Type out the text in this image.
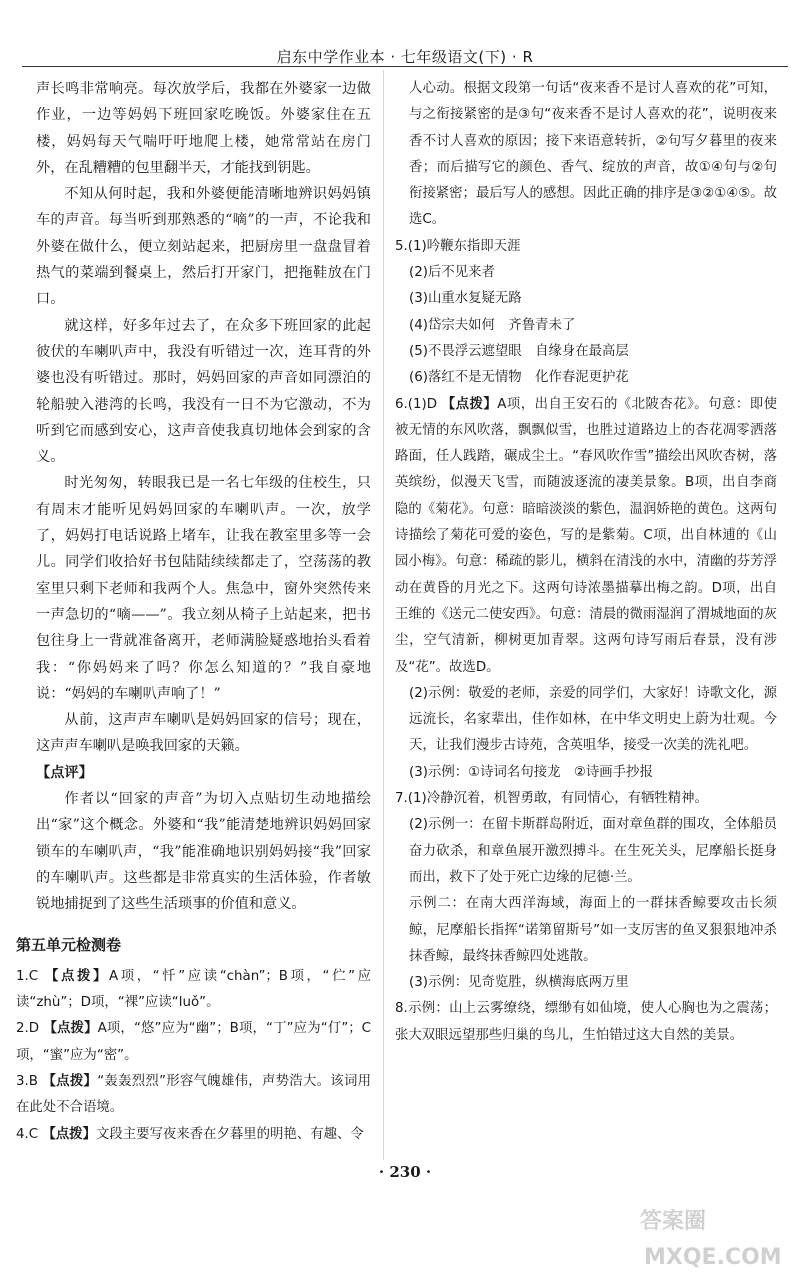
启东中学作业本 · 七年级语文(下) · R

声长鸣非常响亮。每次放学后，我都在外婆家一边做作业，一边等妈妈下班回家吃晚饭。外婆家住在五楼，妈妈每天气喘吁吁地爬上楼，她常常站在房门外，在乱糟糟的包里翻半天，才能找到钥匙。

不知从何时起，我和外婆便能清晰地辨识妈妈镇车的声音。每当听到那熟悉的“嘀”的一声，不论我和外婆在做什么，便立刻站起来，把厨房里一盘盘冒着热气的菜端到餐桌上，然后打开家门，把拖鞋放在门口。

就这样，好多年过去了，在众多下班回家的此起彼伏的车喇叭声中，我没有听错过一次，连耳背的外婆也没有听错过。那时，妈妈回家的声音如同漂泊的轮船驶入港湾的长鸣，我没有一日不为它激动，不为听到它而感到安心，这声音使我真切地体会到家的含义。

时光匆匆，转眼我已是一名七年级的住校生，只有周末才能听见妈妈回家的车喇叭声。一次，放学了，妈妈打电话说路上堵车，让我在教室里多等一会儿。同学们收拾好书包陆陆续续都走了，空荡荡的教室里只剩下老师和我两个人。焦急中，窗外突然传来一声急切的“嘀——”。我立刻从椅子上站起来，把书包往身上一背就准备离开，老师满脸疑惑地抬头看着我：“你妈妈来了吗？你怎么知道的？”我自豪地说：“妈妈的车喇叭声响了！”

从前，这声声车喇叭是妈妈回家的信号；现在，这声声车喇叭是唤我回家的天籁。

【点评】

作者以“回家的声音”为切入点贴切生动地描绘出“家”这个概念。外婆和“我”能清楚地辨识妈妈回家锁车的车喇叭声，“我”能准确地识别妈妈接“我”回家的车喇叭声。这些都是非常真实的生活体验，作者敏锐地捕捉到了这些生活琐事的价值和意义。

第五单元检测卷
1.C 【点拨】A项，“忏”应读“chàn”；B项，“伫”应读“zhù”；D项，“裸”应读“luǒ”。
2.D 【点拨】A项，“悠”应为“幽”；B项，“丁”应为“仃”；C项，“蜜”应为“密”。
3.B 【点拨】“轰轰烈烈”形容气魄雄伟，声势浩大。该词用在此处不合语境。
4.C 【点拨】文段主要写夜来香在夕暮里的明艳、有趣、令

人心动。根据文段第一句话“夜来香不是讨人喜欢的花”可知，与之衔接紧密的是③句“夜来香不是讨人喜欢的花”，说明夜来香不讨人喜欢的原因；接下来语意转折，②句写夕暮里的夜来香；而后描写它的颜色、香气、绽放的声音，故①④句与②句衔接紧密；最后写人的感想。因此正确的排序是③②①④⑤。故选C。

5.(1)吟鞭东指即天涯

(2)后不见来者

(3)山重水复疑无路

(4)岱宗夫如何　齐鲁青未了

(5)不畏浮云遮望眼　自缘身在最高层

(6)落红不是无情物　化作春泥更护花

6.(1)D 【点拨】A项，出自王安石的《北陂杏花》。句意：即使被无情的东风吹落，飘飘似雪，也胜过道路边上的杏花凋零洒落路面，任人践踏，碾成尘土。“春风吹作雪”描绘出风吹杏树，落英缤纷，似漫天飞雪，而随波逐流的凄美景象。B项，出自李商隐的《菊花》。句意：暗暗淡淡的紫色，温润娇艳的黄色。这两句诗描绘了菊花可爱的姿色，写的是紫菊。C项，出自林逋的《山园小梅》。句意：稀疏的影儿，横斜在清浅的水中，清幽的芬芳浮动在黄昏的月光之下。这两句诗浓墨描摹出梅之韵。D项，出自王维的《送元二使安西》。句意：清晨的微雨湿润了渭城地面的灰尘，空气清新，柳树更加青翠。这两句诗写雨后春景，没有涉及“花”。故选D。

(2)示例：敬爱的老师，亲爱的同学们，大家好！诗歌文化，源远流长，名家辈出，佳作如林，在中华文明史上蔚为壮观。今天，让我们漫步古诗苑，含英咀华，接受一次美的洗礼吧。

(3)示例：①诗词名句接龙　②诗画手抄报

7.(1)冷静沉着，机智勇敢，有同情心，有牺牲精神。

(2)示例一：在留卡斯群岛附近，面对章鱼群的围攻，全体船员奋力砍杀，和章鱼展开激烈搏斗。在生死关头，尼摩船长挺身而出，救下了处于死亡边缘的尼德·兰。

示例二：在南大西洋海域，海面上的一群抹香鲸要攻击长须鲸，尼摩船长指挥“诺第留斯号”如一支厉害的鱼叉狠狠地冲杀抹香鲸，最终抹香鲸四处逃散。

(3)示例：见奇览胜，纵横海底两万里

8.示例：山上云雾缭绕，缥缈有如仙境，使人心胸也为之震荡；张大双眼远望那些归巢的鸟儿，生怕错过这大自然的美景。
· 230 ·
答案圈
MXQE.COM
